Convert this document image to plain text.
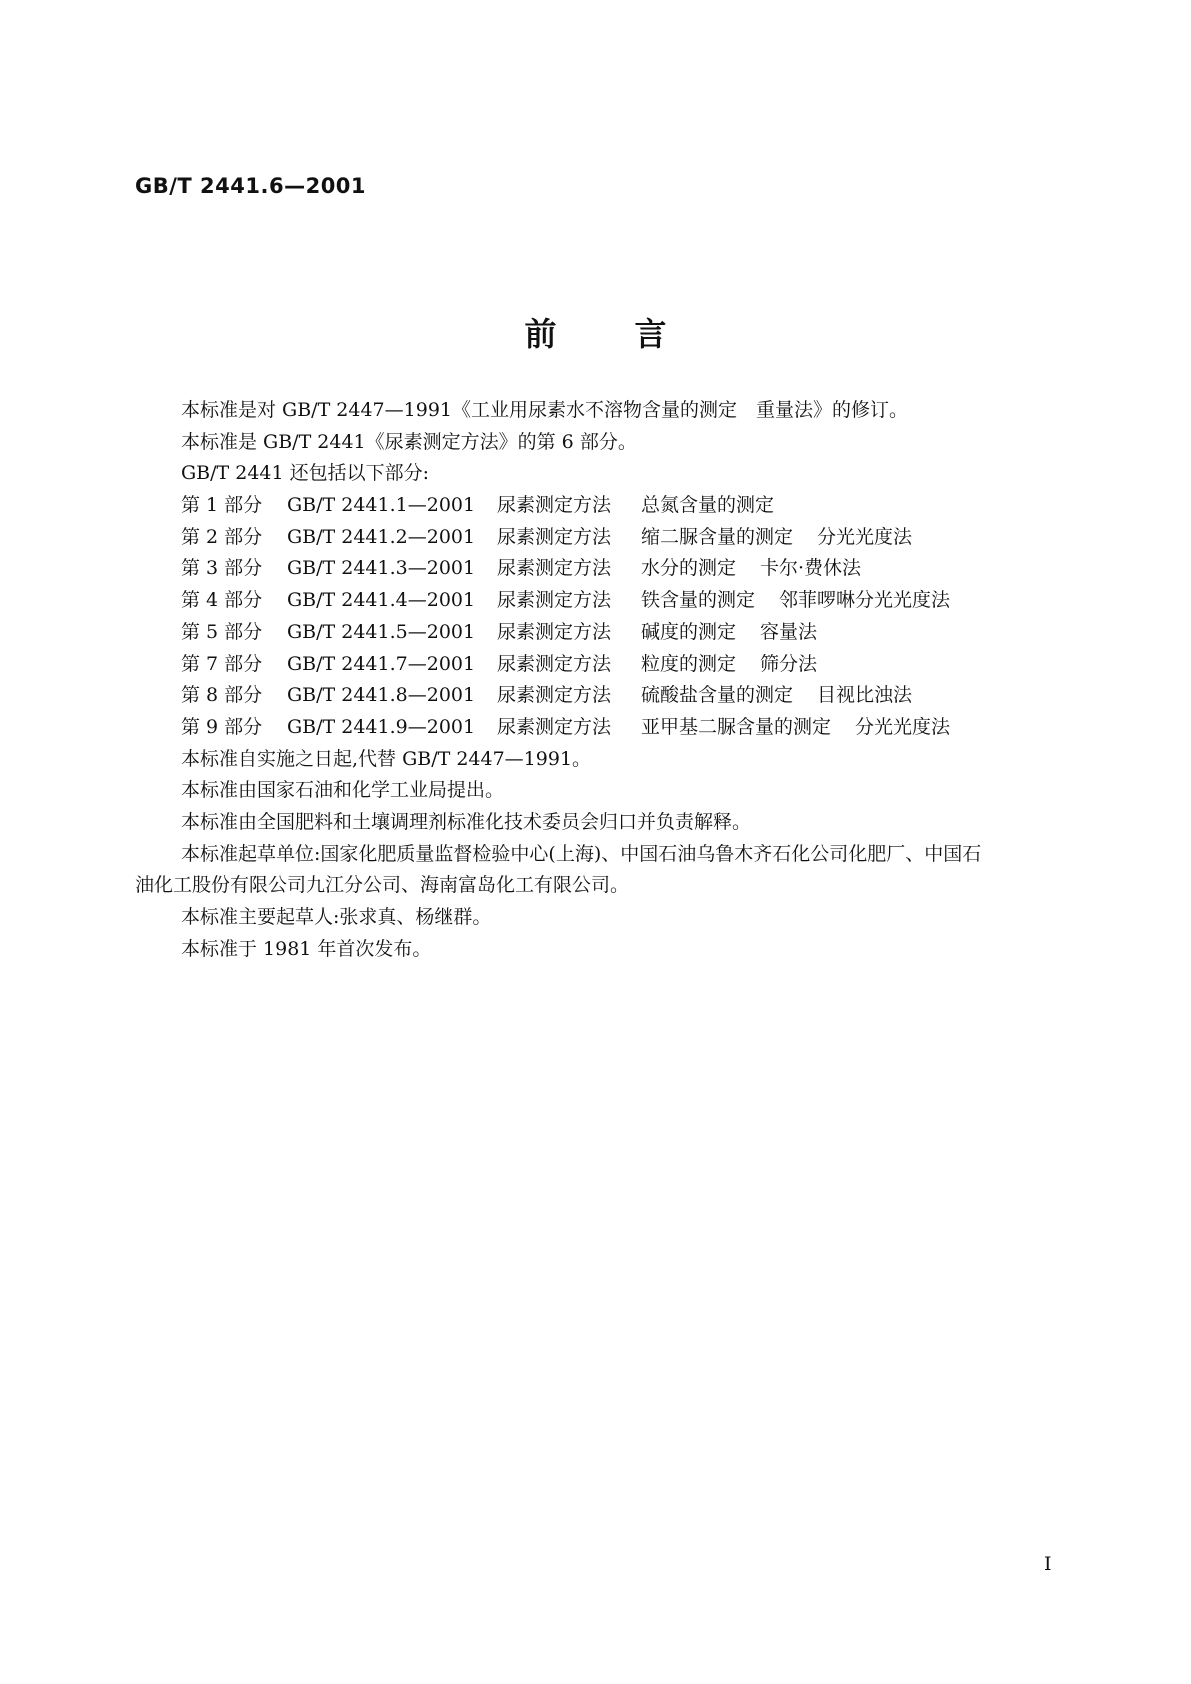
GB/T 2441.6—2001
前言
本标准是对 GB/T 2447—1991《工业用尿素水不溶物含量的测定　重量法》的修订。
本标准是 GB/T 2441《尿素测定方法》的第 6 部分。
GB/T 2441 还包括以下部分:
第 1 部分	GB/T 2441.1—2001	尿素测定方法	总氮含量的测定
第 2 部分	GB/T 2441.2—2001	尿素测定方法	缩二脲含量的测定 分光光度法
第 3 部分	GB/T 2441.3—2001	尿素测定方法	水分的测定 卡尔·费休法
第 4 部分	GB/T 2441.4—2001	尿素测定方法	铁含量的测定 邻菲啰啉分光光度法
第 5 部分	GB/T 2441.5—2001	尿素测定方法	碱度的测定 容量法
第 7 部分	GB/T 2441.7—2001	尿素测定方法	粒度的测定 筛分法
第 8 部分	GB/T 2441.8—2001	尿素测定方法	硫酸盐含量的测定 目视比浊法
第 9 部分	GB/T 2441.9—2001	尿素测定方法	亚甲基二脲含量的测定 分光光度法
本标准自实施之日起,代替 GB/T 2447—1991。
本标准由国家石油和化学工业局提出。
本标准由全国肥料和土壤调理剂标准化技术委员会归口并负责解释。
本标准起草单位:国家化肥质量监督检验中心(上海)、中国石油乌鲁木齐石化公司化肥厂、中国石
油化工股份有限公司九江分公司、海南富岛化工有限公司。
本标准主要起草人:张求真、杨继群。
本标准于 1981 年首次发布。
I
